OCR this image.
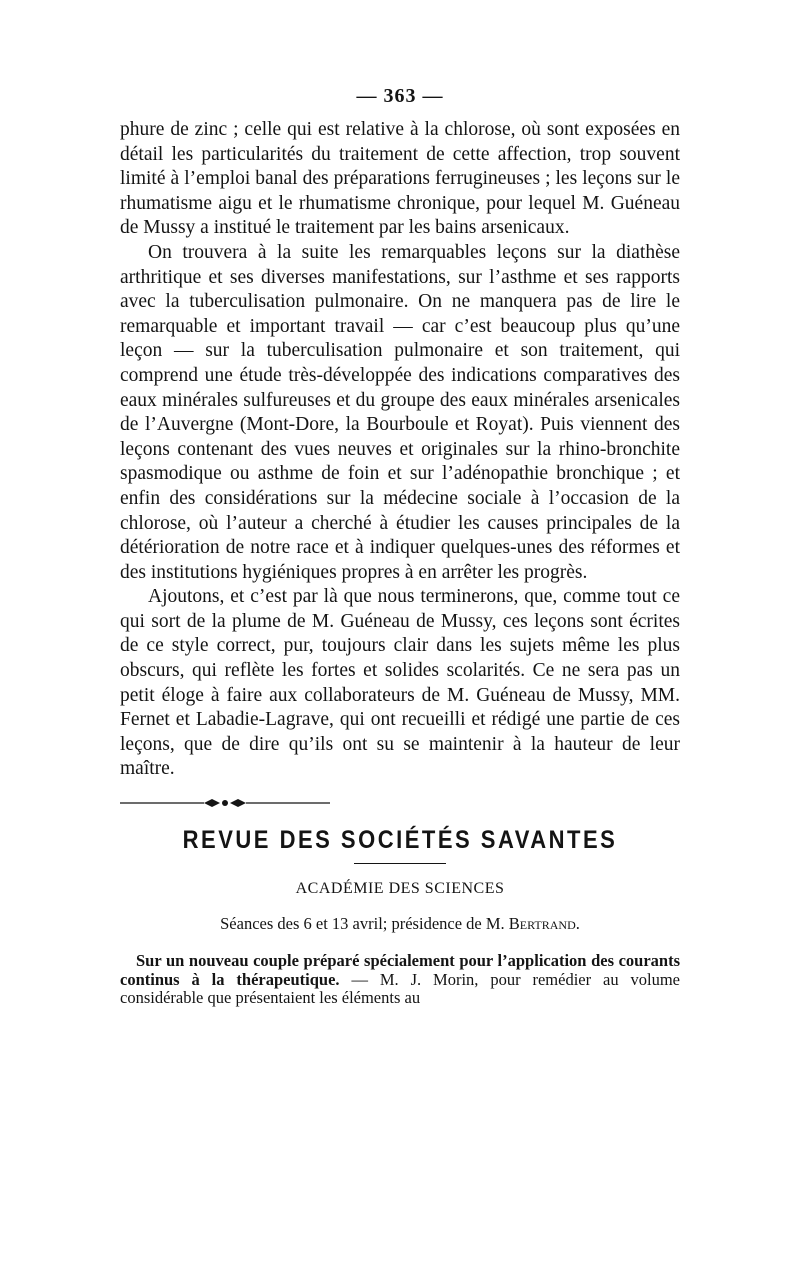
— 363 —

phure de zinc ; celle qui est relative à la chlorose, où sont exposées en détail les particularités du traitement de cette affection, trop souvent limité à l’emploi banal des préparations ferrugineuses ; les leçons sur le rhumatisme aigu et le rhumatisme chronique, pour lequel M. Guéneau de Mussy a institué le traitement par les bains arsenicaux.

On trouvera à la suite les remarquables leçons sur la diathèse arthritique et ses diverses manifestations, sur l’asthme et ses rapports avec la tuberculisation pulmonaire. On ne manquera pas de lire le remarquable et important travail — car c’est beaucoup plus qu’une leçon — sur la tuberculisation pulmonaire et son traitement, qui comprend une étude très-développée des indications comparatives des eaux minérales sulfureuses et du groupe des eaux minérales arsenicales de l’Auvergne (Mont-Dore, la Bourboule et Royat). Puis viennent des leçons contenant des vues neuves et originales sur la rhino-bronchite spasmodique ou asthme de foin et sur l’adénopathie bronchique ; et enfin des considérations sur la médecine sociale à l’occasion de la chlorose, où l’auteur a cherché à étudier les causes principales de la détérioration de notre race et à indiquer quelques-unes des réformes et des institutions hygiéniques propres à en arrêter les progrès.

Ajoutons, et c’est par là que nous terminerons, que, comme tout ce qui sort de la plume de M. Guéneau de Mussy, ces leçons sont écrites de ce style correct, pur, toujours clair dans les sujets même les plus obscurs, qui reflète les fortes et solides scolarités. Ce ne sera pas un petit éloge à faire aux collaborateurs de M. Guéneau de Mussy, MM. Fernet et Labadie-Lagrave, qui ont recueilli et rédigé une partie de ces leçons, que de dire qu’ils ont su se maintenir à la hauteur de leur maître.

REVUE DES SOCIÉTÉS SAVANTES
ACADÉMIE DES SCIENCES
Séances des 6 et 13 avril; présidence de M. Bertrand.

Sur un nouveau couple préparé spécialement pour l’application des courants continus à la thérapeutique. — M. J. Morin, pour remédier au volume considérable que présentaient les éléments au
